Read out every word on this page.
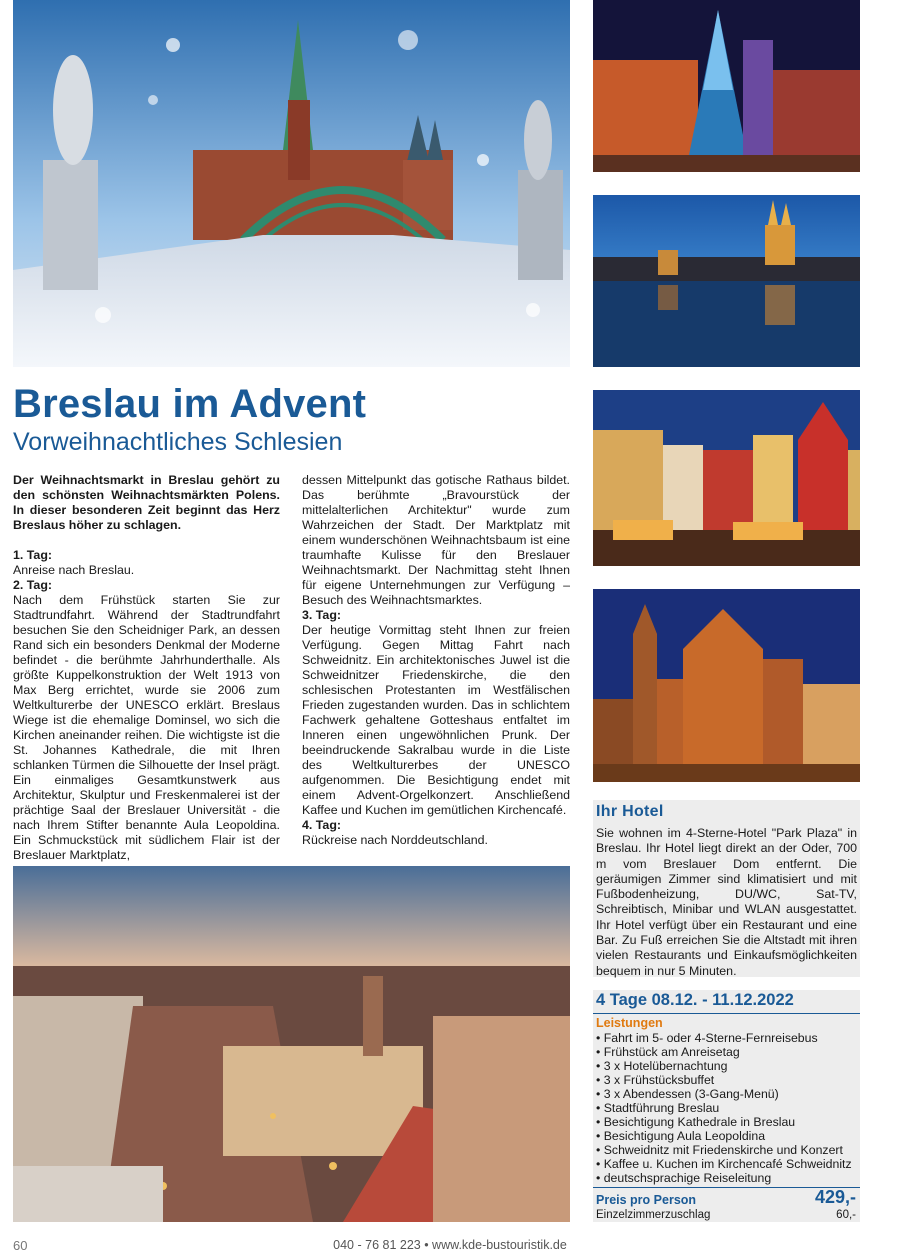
Breslau im Advent
Vorweihnachtliches Schlesien

Der Weihnachtsmarkt in Breslau gehört zu den schönsten Weihnachtsmärkten Polens. In dieser besonderen Zeit beginnt das Herz Breslaus höher zu schlagen.

1. Tag:

Anreise nach Breslau.

2. Tag:

Nach dem Frühstück starten Sie zur Stadtrundfahrt. Während der Stadtrundfahrt besuchen Sie den Scheidniger Park, an dessen Rand sich ein besonders Denkmal der Moderne befindet - die berühmte Jahrhunderthalle. Als größte Kuppelkonstruktion der Welt 1913 von Max Berg errichtet, wurde sie 2006 zum Weltkulturerbe der UNESCO erklärt. Breslaus Wiege ist die ehemalige Dominsel, wo sich die Kirchen aneinander reihen. Die wichtigste ist die St. Johannes Kathedrale, die mit Ihren schlanken Türmen die Silhouette der Insel prägt. Ein einmaliges Gesamtkunstwerk aus Architektur, Skulptur und Freskenmalerei ist der prächtige Saal der Breslauer Universität - die nach Ihrem Stifter benannte Aula Leopoldina. Ein Schmuckstück mit südlichem Flair ist der Breslauer Marktplatz,

dessen Mittelpunkt das gotische Rathaus bildet. Das berühmte „Bravourstück der mittelalterlichen Architektur" wurde zum Wahrzeichen der Stadt. Der Marktplatz mit einem wunderschönen Weihnachtsbaum ist eine traumhafte Kulisse für den Breslauer Weihnachtsmarkt. Der Nachmittag steht Ihnen für eigene Unternehmungen zur Verfügung – Besuch des Weihnachtsmarktes.

3. Tag:

Der heutige Vormittag steht Ihnen zur freien Verfügung. Gegen Mittag Fahrt nach Schweidnitz. Ein architektonisches Juwel ist die Schweidnitzer Friedenskirche, die den schlesischen Protestanten im Westfälischen Frieden zugestanden wurden. Das in schlichtem Fachwerk gehaltene Gotteshaus entfaltet im Inneren einen ungewöhnlichen Prunk. Der beeindruckende Sakralbau wurde in die Liste des Weltkulturerbes der UNESCO aufgenommen. Die Besichtigung endet mit einem Advent-Orgelkonzert. Anschließend Kaffee und Kuchen im gemütlichen Kirchencafé.

4. Tag:

Rückreise nach Norddeutschland.

Ihr Hotel
Sie wohnen im 4-Sterne-Hotel "Park Plaza" in Breslau. Ihr Hotel liegt direkt an der Oder, 700 m vom Breslauer Dom entfernt. Die geräumigen Zimmer sind klimatisiert und mit Fußbodenheizung, DU/WC, Sat-TV, Schreibtisch, Minibar und WLAN ausgestattet. Ihr Hotel verfügt über ein Restaurant und eine Bar. Zu Fuß erreichen Sie die Altstadt mit ihren vielen Restaurants und Einkaufsmöglichkeiten bequem in nur 5 Minuten.
4 Tage 08.12. - 11.12.2022
Leistungen
• Fahrt im 5- oder 4-Sterne-Fernreisebus
• Frühstück am Anreisetag
• 3 x Hotelübernachtung
• 3 x Frühstücksbuffet
• 3 x Abendessen (3-Gang-Menü)
• Stadtführung Breslau
• Besichtigung Kathedrale in Breslau
• Besichtigung Aula Leopoldina
• Schweidnitz mit Friedenskirche und Konzert
• Kaffee u. Kuchen im Kirchencafé Schweidnitz
• deutschsprachige Reiseleitung
Preis pro Person	429,-
Einzelzimmerzuschlag	60,-
60	040 - 76 81 223 • www.kde-bustouristik.de
